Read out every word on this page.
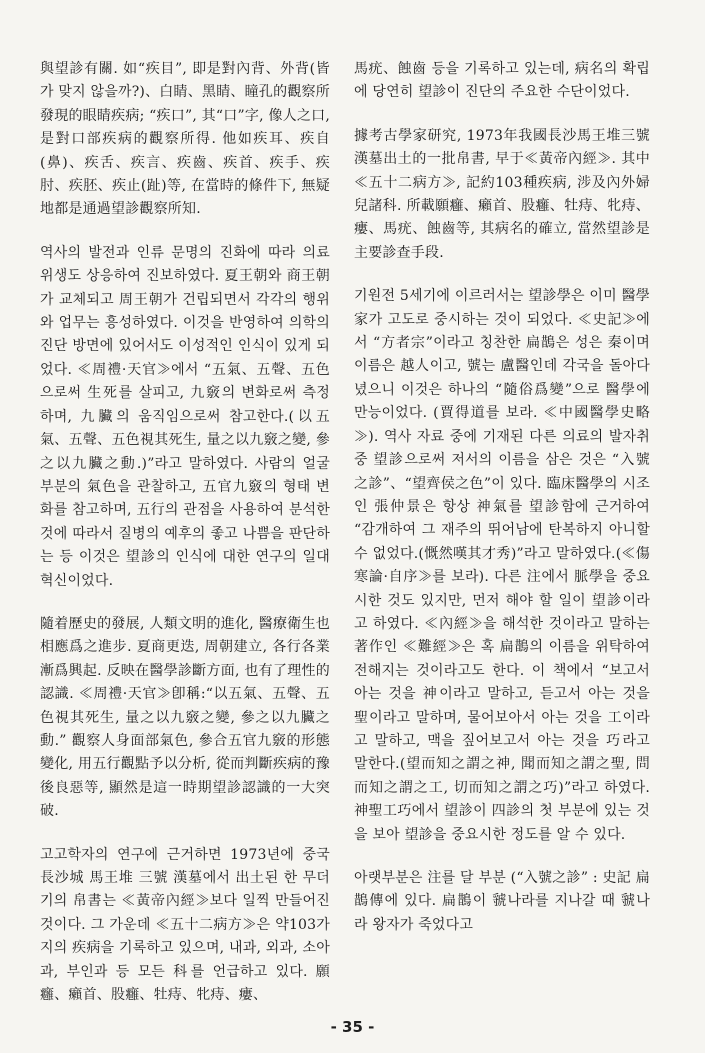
與望診有關. 如“疾目”, 即是對內背、外背(皆가 맞지 않을까?)、白睛、黑睛、瞳孔的觀察所發現的眼睛疾病; “疾口”, 其“口”字, 像人之口, 是對口部疾病的觀察所得. 他如疾耳、疾自(鼻)、疾舌、疾言、疾齒、疾首、疾手、疾肘、疾胚、疾止(趾)等, 在當時的條件下, 無疑地都是通過望診觀察所知.

역사의 발전과 인류 문명의 진화에 따라 의료 위생도 상응하여 진보하였다. 夏王朝와 商王朝가 교체되고 周王朝가 건립되면서 각각의 행위와 업무는 흥성하였다. 이것을 반영하여 의학의 진단 방면에 있어서도 이성적인 인식이 있게 되었다. ≪周禮·天官≫에서 “五氣、五聲、五色으로써 生死를 살피고, 九竅의 변화로써 측정하며, 九臟의 움직임으로써 참고한다.(以五氣、五聲、五色視其死生, 量之以九竅之變, 參之以九臟之動.)”라고 말하였다. 사람의 얼굴 부분의 氣色을 관찰하고, 五官九竅의 형태 변화를 참고하며, 五行의 관점을 사용하여 분석한 것에 따라서 질병의 예후의 좋고 나쁨을 판단하는 등 이것은 望診의 인식에 대한 연구의 일대 혁신이었다.

隨着歷史的發展, 人類文明的進化, 醫療衛生也相應爲之進步. 夏商更迭, 周朝建立, 各行各業漸爲興起. 反映在醫學診斷方面, 也有了理性的認識. ≪周禮·天官≫卽稱:“以五氣、五聲、五色視其死生, 量之以九竅之變, 參之以九臟之動.” 觀察人身面部氣色, 參合五官九竅的形態變化, 用五行觀點予以分析, 從而判斷疾病的豫後良惡等, 顯然是這一時期望診認識的一大突破.

고고학자의 연구에 근거하면 1973년에 중국 長沙城 馬王堆 三號 漢墓에서 出土된 한 무더기의 帛書는 ≪黃帝內經≫보다 일찍 만들어진 것이다. 그 가운데 ≪五十二病方≫은 약103가지의 疾病을 기록하고 있으며, 내과, 외과, 소아과, 부인과 등 모든 科를 언급하고 있다. 願癰、癩首、股癰、牡痔、牝痔、瘻、

馬疣、蝕齒 등을 기록하고 있는데, 病名의 확립에 당연히 望診이 진단의 주요한 수단이었다.

據考古學家研究, 1973年我國長沙馬王堆三號漢墓出土的一批帛書, 早于≪黃帝內經≫. 其中≪五十二病方≫, 記約103種疾病, 涉及內外婦兒諸科. 所載願癰、癩首、股癰、牡痔、牝痔、瘻、馬疣、蝕齒等, 其病名的確立, 當然望診是主要診查手段.

기원전 5세기에 이르러서는 望診學은 이미 醫學家가 고도로 중시하는 것이 되었다. ≪史記≫에서 “方者宗”이라고 칭찬한 扁鵲은 성은 秦이며 이름은 越人이고, 號는 盧醫인데 각국을 돌아다녔으니 이것은 하나의 “隨俗爲變”으로 醫學에 만능이었다. (賈得道를 보라. ≪中國醫學史略≫). 역사 자료 중에 기재된 다른 의료의 발자취 중 望診으로써 저서의 이름을 삼은 것은 “入號之診”、“望齊侯之色”이 있다. 臨床醫學의 시조인 張仲景은 항상 神氣를 望診함에 근거하여 “감개하여 그 재주의 뛰어남에 탄복하지 아니할 수 없었다.(慨然嘆其才秀)”라고 말하였다.(≪傷寒論·自序≫를 보라). 다른 注에서 脈學을 중요시한 것도 있지만, 먼저 해야 할 일이 望診이라고 하였다. ≪內經≫을 해석한 것이라고 말하는 著作인 ≪難經≫은 혹 扁鵲의 이름을 위탁하여 전해지는 것이라고도 한다. 이 책에서 “보고서 아는 것을 神이라고 말하고, 듣고서 아는 것을 聖이라고 말하며, 물어보아서 아는 것을 工이라고 말하고, 맥을 짚어보고서 아는 것을 巧라고 말한다.(望而知之謂之神, 聞而知之謂之聖, 問而知之謂之工, 切而知之謂之巧)”라고 하였다. 神聖工巧에서 望診이 四診의 첫 부분에 있는 것을 보아 望診을 중요시한 정도를 알 수 있다.

아랫부분은 注를 달 부분 (“入號之診” : 史記 扁鵲傳에 있다. 扁鵲이 虢나라를 지나갈 때 虢나라 왕자가 죽었다고

- 35 -
